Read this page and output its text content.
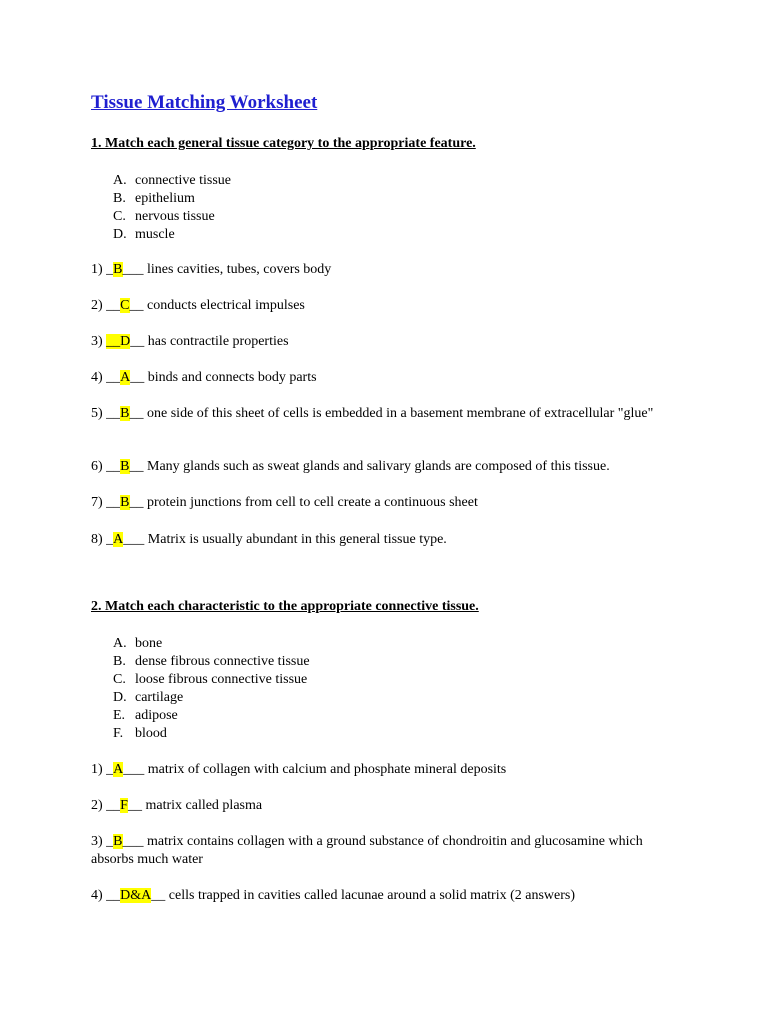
Tissue Matching Worksheet

1. Match each general tissue category to the appropriate feature.

A. connective tissue
B. epithelium
C. nervous tissue
D. muscle

1) _B___ lines cavities, tubes, covers body

2) __C__ conducts electrical impulses

3) __D__ has contractile properties

4) __A__ binds and connects body parts

5) __B__ one side of this sheet of cells is embedded in a basement membrane of extracellular "glue"

6) __B__ Many glands such as sweat glands and salivary glands are composed of this tissue.

7) __B__ protein junctions from cell to cell create a continuous sheet

8) _A___ Matrix is usually abundant in this general tissue type.

2. Match each characteristic to the appropriate connective tissue.

A. bone
B. dense fibrous connective tissue
C. loose fibrous connective tissue
D. cartilage
E. adipose
F. blood

1) _A___ matrix of collagen with calcium and phosphate mineral deposits

2) __F__ matrix called plasma

3) _B___ matrix contains collagen with a ground substance of chondroitin and glucosamine which absorbs much water

4) __D&A__ cells trapped in cavities called lacunae around a solid matrix (2 answers)
